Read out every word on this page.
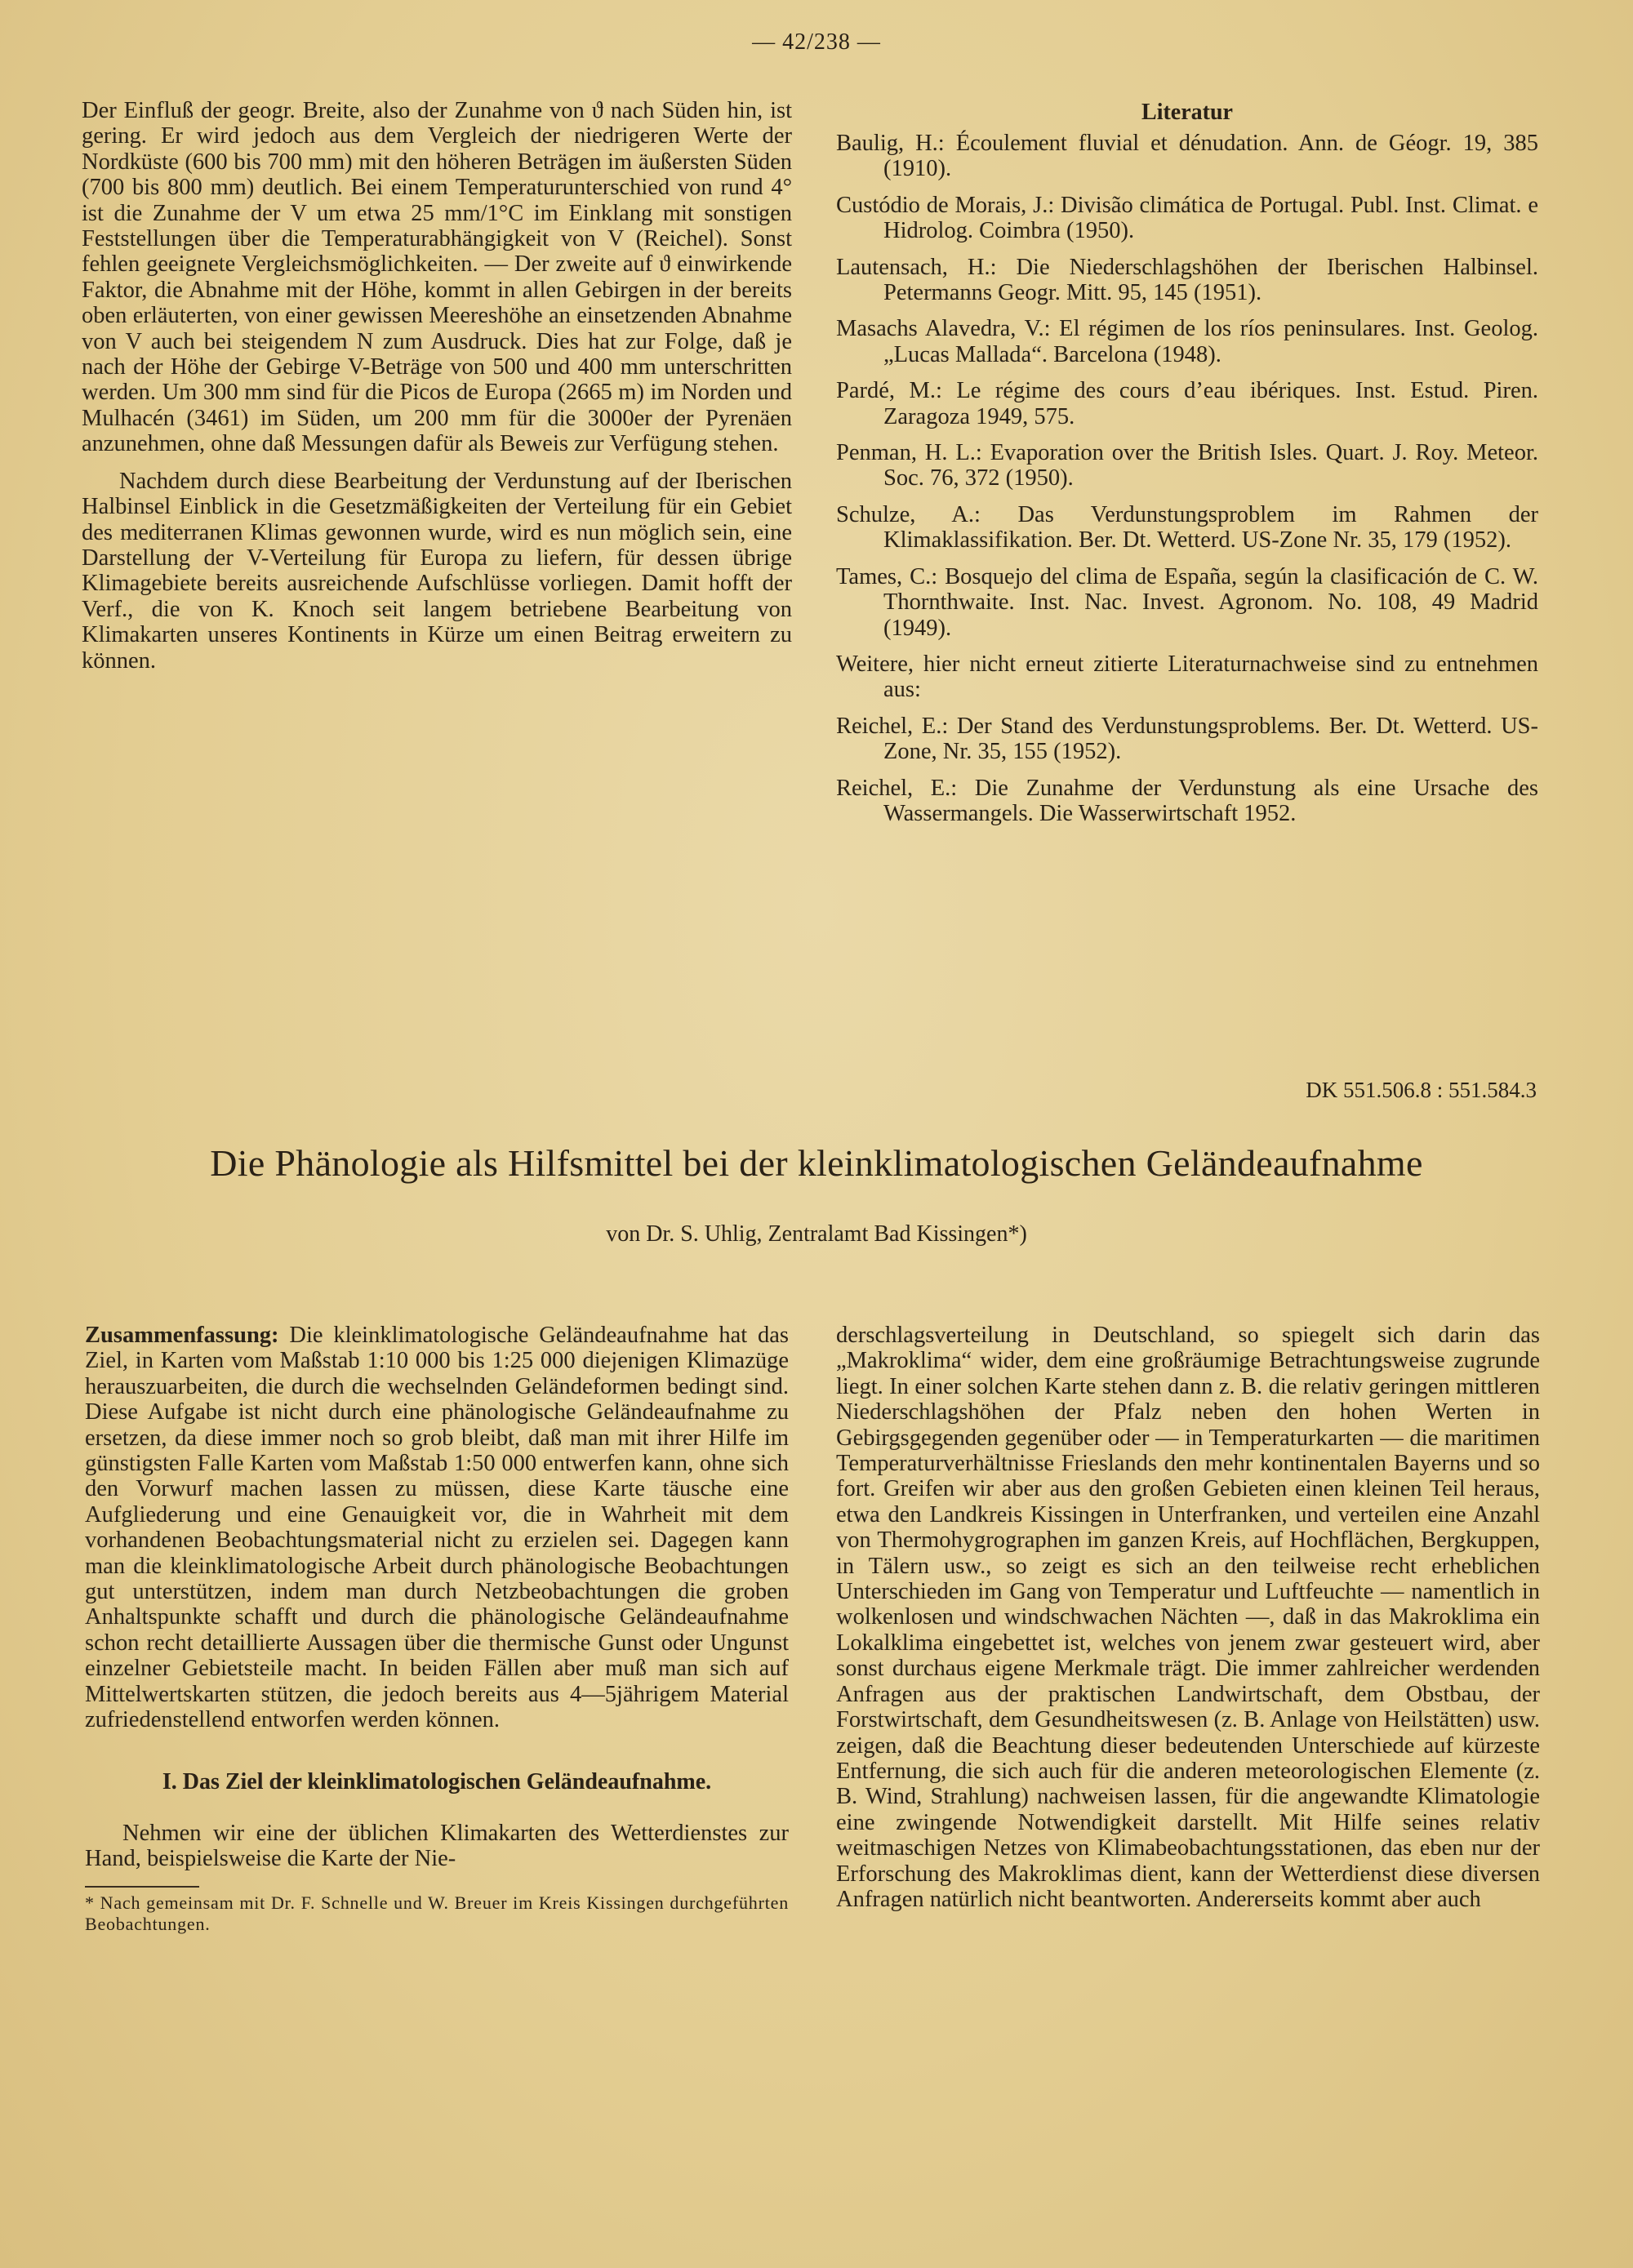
— 42/238 —

Der Einfluß der geogr. Breite, also der Zunahme von ϑ nach Süden hin, ist gering. Er wird jedoch aus dem Vergleich der niedrigeren Werte der Nordküste (600 bis 700 mm) mit den höheren Beträgen im äußersten Süden (700 bis 800 mm) deutlich. Bei einem Temperaturunterschied von rund 4° ist die Zunahme der V um etwa 25 mm/1°C im Einklang mit sonstigen Feststellungen über die Temperaturabhängigkeit von V (Reichel). Sonst fehlen geeignete Vergleichsmöglichkeiten. — Der zweite auf ϑ einwirkende Faktor, die Abnahme mit der Höhe, kommt in allen Gebirgen in der bereits oben erläuterten, von einer gewissen Meereshöhe an einsetzenden Abnahme von V auch bei steigendem N zum Ausdruck. Dies hat zur Folge, daß je nach der Höhe der Gebirge V-Beträge von 500 und 400 mm unterschritten werden. Um 300 mm sind für die Picos de Europa (2665 m) im Norden und Mulhacén (3461) im Süden, um 200 mm für die 3000er der Pyrenäen anzunehmen, ohne daß Messungen dafür als Beweis zur Verfügung stehen.

Nachdem durch diese Bearbeitung der Verdunstung auf der Iberischen Halbinsel Einblick in die Gesetzmäßigkeiten der Verteilung für ein Gebiet des mediterranen Klimas gewonnen wurde, wird es nun möglich sein, eine Darstellung der V-Verteilung für Europa zu liefern, für dessen übrige Klimagebiete bereits ausreichende Aufschlüsse vorliegen. Damit hofft der Verf., die von K. Knoch seit langem betriebene Bearbeitung von Klimakarten unseres Kontinents in Kürze um einen Beitrag erweitern zu können.

Literatur
Baulig, H.: Écoulement fluvial et dénudation. Ann. de Géogr. 19, 385 (1910).
Custódio de Morais, J.: Divisão climática de Portugal. Publ. Inst. Climat. e Hidrolog. Coimbra (1950).
Lautensach, H.: Die Niederschlagshöhen der Iberischen Halbinsel. Petermanns Geogr. Mitt. 95, 145 (1951).
Masachs Alavedra, V.: El régimen de los ríos peninsulares. Inst. Geolog. „Lucas Mallada“. Barcelona (1948).
Pardé, M.: Le régime des cours d’eau ibériques. Inst. Estud. Piren. Zaragoza 1949, 575.
Penman, H. L.: Evaporation over the British Isles. Quart. J. Roy. Meteor. Soc. 76, 372 (1950).
Schulze, A.: Das Verdunstungsproblem im Rahmen der Klimaklassifikation. Ber. Dt. Wetterd. US-Zone Nr. 35, 179 (1952).
Tames, C.: Bosquejo del clima de España, según la clasificación de C. W. Thornthwaite. Inst. Nac. Invest. Agronom. No. 108, 49 Madrid (1949).
Weitere, hier nicht erneut zitierte Literaturnachweise sind zu entnehmen aus:
Reichel, E.: Der Stand des Verdunstungsproblems. Ber. Dt. Wetterd. US-Zone, Nr. 35, 155 (1952).
Reichel, E.: Die Zunahme der Verdunstung als eine Ursache des Wassermangels. Die Wasserwirtschaft 1952.
DK 551.506.8 : 551.584.3
Die Phänologie als Hilfsmittel bei der kleinklimatologischen Geländeaufnahme
von Dr. S. Uhlig, Zentralamt Bad Kissingen*)

Zusammenfassung: Die kleinklimatologische Geländeaufnahme hat das Ziel, in Karten vom Maßstab 1:10 000 bis 1:25 000 diejenigen Klimazüge herauszuarbeiten, die durch die wechselnden Geländeformen bedingt sind. Diese Aufgabe ist nicht durch eine phänologische Geländeaufnahme zu ersetzen, da diese immer noch so grob bleibt, daß man mit ihrer Hilfe im günstigsten Falle Karten vom Maßstab 1:50 000 entwerfen kann, ohne sich den Vorwurf machen lassen zu müssen, diese Karte täusche eine Aufgliederung und eine Genauigkeit vor, die in Wahrheit mit dem vorhandenen Beobachtungsmaterial nicht zu erzielen sei. Dagegen kann man die kleinklimatologische Arbeit durch phänologische Beobachtungen gut unterstützen, indem man durch Netzbeobachtungen die groben Anhaltspunkte schafft und durch die phänologische Geländeaufnahme schon recht detaillierte Aussagen über die thermische Gunst oder Ungunst einzelner Gebietsteile macht. In beiden Fällen aber muß man sich auf Mittelwertskarten stützen, die jedoch bereits aus 4—5jährigem Material zufriedenstellend entworfen werden können.

I. Das Ziel der kleinklimatologischen Geländeaufnahme.

Nehmen wir eine der üblichen Klimakarten des Wetterdienstes zur Hand, beispielsweise die Karte der Nie-

* Nach gemeinsam mit Dr. F. Schnelle und W. Breuer im Kreis Kissingen durchgeführten Beobachtungen.

derschlagsverteilung in Deutschland, so spiegelt sich darin das „Makroklima“ wider, dem eine großräumige Betrachtungsweise zugrunde liegt. In einer solchen Karte stehen dann z. B. die relativ geringen mittleren Niederschlagshöhen der Pfalz neben den hohen Werten in Gebirgsgegenden gegenüber oder — in Temperaturkarten — die maritimen Temperaturverhältnisse Frieslands den mehr kontinentalen Bayerns und so fort. Greifen wir aber aus den großen Gebieten einen kleinen Teil heraus, etwa den Landkreis Kissingen in Unterfranken, und verteilen eine Anzahl von Thermohygrographen im ganzen Kreis, auf Hochflächen, Bergkuppen, in Tälern usw., so zeigt es sich an den teilweise recht erheblichen Unterschieden im Gang von Temperatur und Luftfeuchte — namentlich in wolkenlosen und windschwachen Nächten —, daß in das Makroklima ein Lokalklima eingebettet ist, welches von jenem zwar gesteuert wird, aber sonst durchaus eigene Merkmale trägt. Die immer zahlreicher werdenden Anfragen aus der praktischen Landwirtschaft, dem Obstbau, der Forstwirtschaft, dem Gesundheitswesen (z. B. Anlage von Heilstätten) usw. zeigen, daß die Beachtung dieser bedeutenden Unterschiede auf kürzeste Entfernung, die sich auch für die anderen meteorologischen Elemente (z. B. Wind, Strahlung) nachweisen lassen, für die angewandte Klimatologie eine zwingende Notwendigkeit darstellt. Mit Hilfe seines relativ weitmaschigen Netzes von Klimabeobachtungsstationen, das eben nur der Erforschung des Makroklimas dient, kann der Wetterdienst diese diversen Anfragen natürlich nicht beantworten. Andererseits kommt aber auch
